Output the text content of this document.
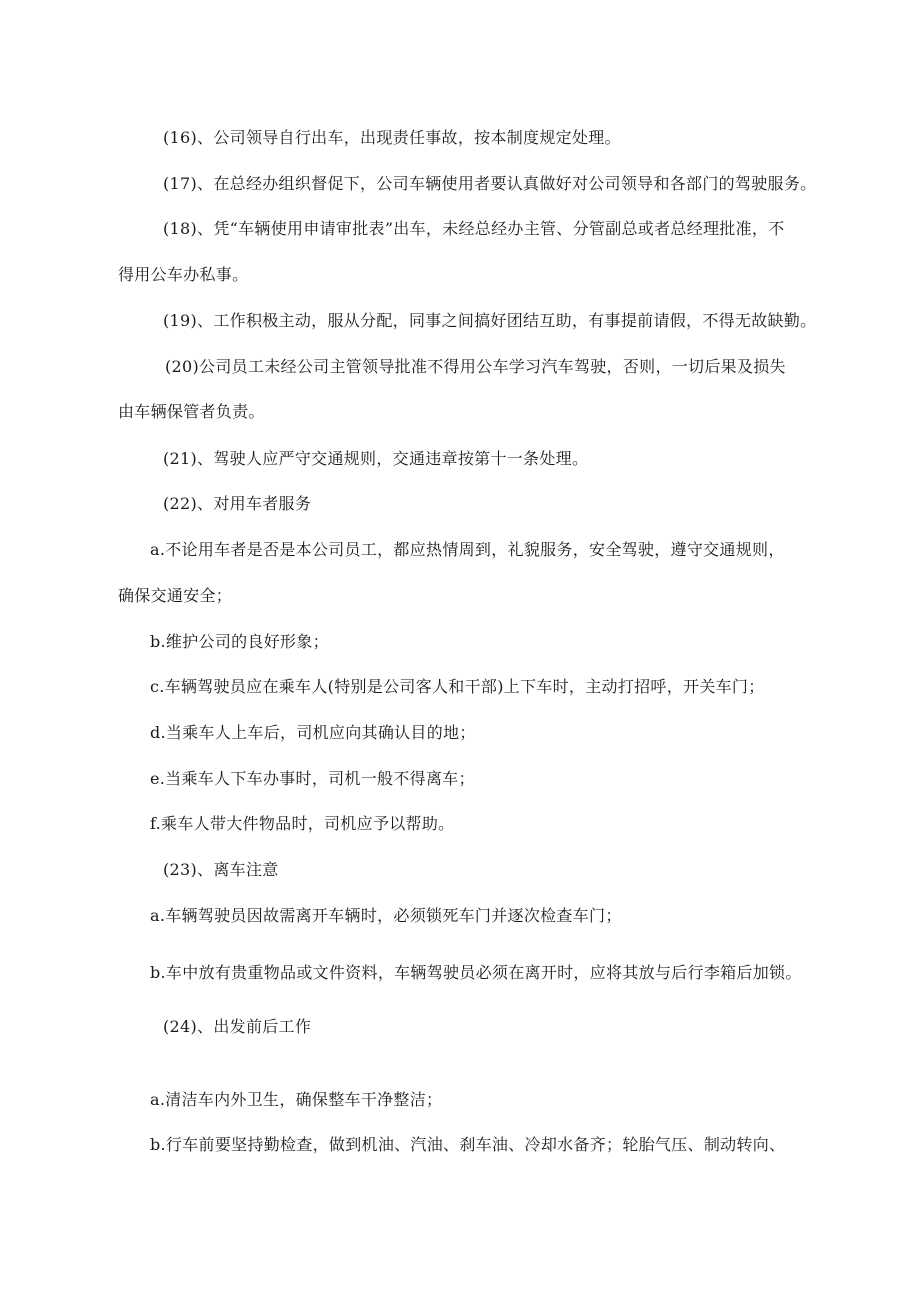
(16)、公司领导自行出车，出现责任事故，按本制度规定处理。
(17)、在总经办组织督促下，公司车辆使用者要认真做好对公司领导和各部门的驾驶服务。
(18)、凭“车辆使用申请审批表”出车，未经总经办主管、分管副总或者总经理批准，不
得用公车办私事。
(19)、工作积极主动，服从分配，同事之间搞好团结互助，有事提前请假，不得无故缺勤。
(20)公司员工未经公司主管领导批准不得用公车学习汽车驾驶，否则，一切后果及损失
由车辆保管者负责。
(21)、驾驶人应严守交通规则，交通违章按第十一条处理。
(22)、对用车者服务
a.不论用车者是否是本公司员工，都应热情周到，礼貌服务，安全驾驶，遵守交通规则，
确保交通安全；
b.维护公司的良好形象；
c.车辆驾驶员应在乘车人(特别是公司客人和干部)上下车时，主动打招呼，开关车门；
d.当乘车人上车后，司机应向其确认目的地；
e.当乘车人下车办事时，司机一般不得离车；
f.乘车人带大件物品时，司机应予以帮助。
(23)、离车注意
a.车辆驾驶员因故需离开车辆时，必须锁死车门并逐次检查车门；
b.车中放有贵重物品或文件资料，车辆驾驶员必须在离开时，应将其放与后行李箱后加锁。
(24)、出发前后工作
a.清洁车内外卫生，确保整车干净整洁；
b.行车前要坚持勤检查，做到机油、汽油、刹车油、冷却水备齐；轮胎气压、制动转向、
